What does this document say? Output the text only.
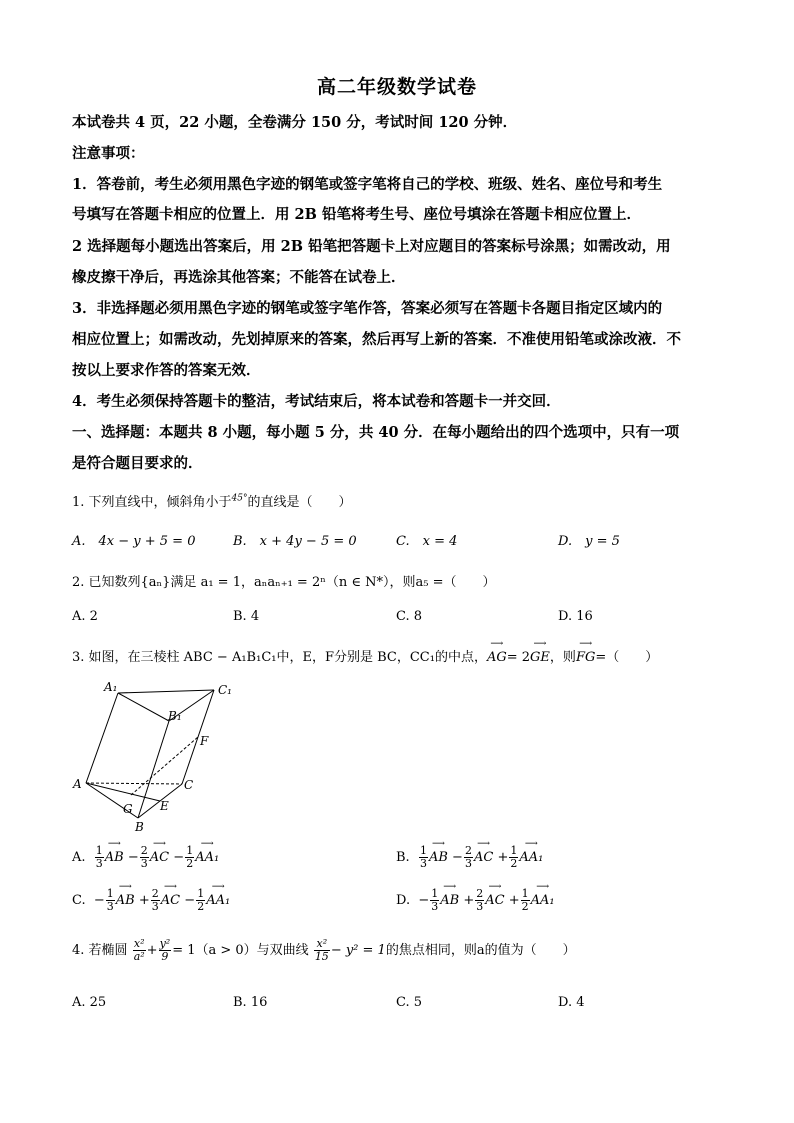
高二年级数学试卷
本试卷共 4 页，22 小题，全卷满分 150 分，考试时间 120 分钟．
注意事项：
1．答卷前，考生必须用黑色字迹的钢笔或签字笔将自己的学校、班级、姓名、座位号和考生
号填写在答题卡相应的位置上．用 2B 铅笔将考生号、座位号填涂在答题卡相应位置上．
2 选择题每小题选出答案后，用 2B 铅笔把答题卡上对应题目的答案标号涂黑；如需改动，用
橡皮擦干净后，再选涂其他答案；不能答在试卷上．
3．非选择题必须用黑色字迹的钢笔或签字笔作答，答案必须写在答题卡各题目指定区域内的
相应位置上；如需改动，先划掉原来的答案，然后再写上新的答案．不准使用铅笔或涂改液．不
按以上要求作答的答案无效．
4．考生必须保持答题卡的整洁，考试结束后，将本试卷和答题卡一并交回．
一、选择题：本题共 8 小题，每小题 5 分，共 40 分．在每小题给出的四个选项中，只有一项
是符合题目要求的．
1. 下列直线中，倾斜角小于$^{45^\circ}$的直线是（　　）
A.　4x − y + 5 = 0	B.　x + 4y − 5 = 0	C.　x = 4	D.　y = 5
2. 已知数列{aₙ}满足 a₁ = 1，aₙaₙ₊₁ = 2ⁿ（n ∈ N*），则a₅ =（　　）
A. 2	B. 4	C. 8	D. 16
3. 如图，在三棱柱 ABC − A₁B₁C₁中，E，F分别是 BC，CC₁的中点，⟶ AG= 2⟶ GE，则⟶ FG=（　　）
A₁	C₁
B₁
F
A	C
G E
B
A. $\frac{1}{3}$ ⟶ AB − $\frac{2}{3}$ ⟶ AC − $\frac{1}{2}$ ⟶ AA₁	B. $\frac{1}{3}$ ⟶ AB − $\frac{2}{3}$ ⟶ AC + $\frac{1}{2}$ ⟶ AA₁
C. − $\frac{1}{3}$ ⟶ AB + $\frac{2}{3}$ ⟶ AC − $\frac{1}{2}$ ⟶ AA₁	D. − $\frac{1}{3}$ ⟶ AB + $\frac{2}{3}$ ⟶ AC + $\frac{1}{2}$ ⟶ AA₁
4. 若椭圆 $\frac{\text{x²}}{\text{a²}} + \frac{\text{y²}}{9} = 1(a > 0)$与双曲线 $\frac{\text{x²}}{15} - y^2 = 1$的焦点相同，则a的值为（　　）
A. 25	B. 16	C. 5	D. 4
